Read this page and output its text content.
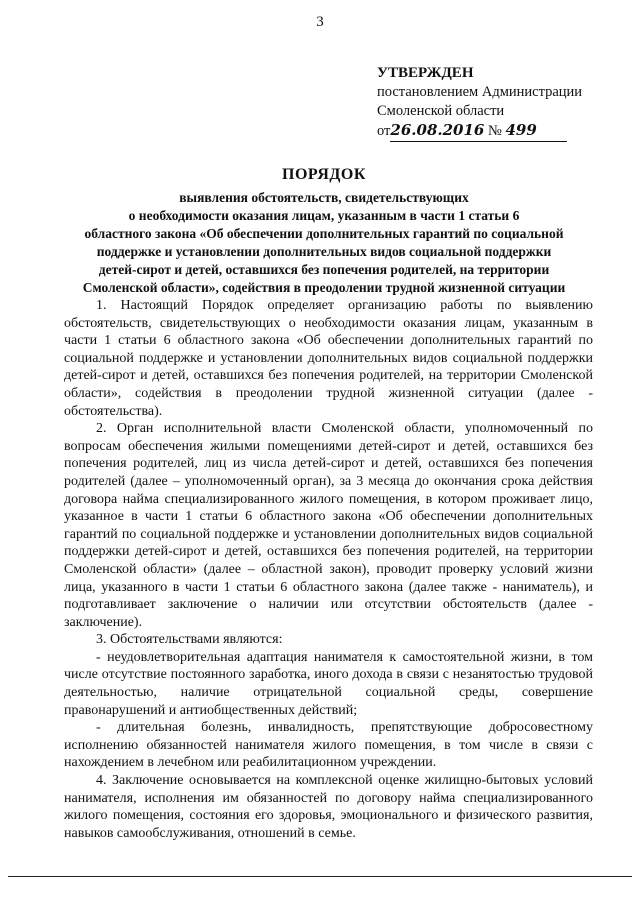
3
УТВЕРЖДЕН
постановлением Администрации
Смоленской области
от26.08.2016 № 499
ПОРЯДОК
выявления обстоятельств, свидетельствующих
о необходимости оказания лицам, указанным в части 1 статьи 6
областного закона «Об обеспечении дополнительных гарантий по социальной
поддержке и установлении дополнительных видов социальной поддержки
детей-сирот и детей, оставшихся без попечения родителей, на территории
Смоленской области», содействия в преодолении трудной жизненной ситуации

1. Настоящий Порядок определяет организацию работы по выявлению обстоятельств, свидетельствующих о необходимости оказания лицам, указанным в части 1 статьи 6 областного закона «Об обеспечении дополнительных гарантий по социальной поддержке и установлении дополнительных видов социальной поддержки детей-сирот и детей, оставшихся без попечения родителей, на территории Смоленской области», содействия в преодолении трудной жизненной ситуации (далее - обстоятельства).

2. Орган исполнительной власти Смоленской области, уполномоченный по вопросам обеспечения жилыми помещениями детей-сирот и детей, оставшихся без попечения родителей, лиц из числа детей-сирот и детей, оставшихся без попечения родителей (далее – уполномоченный орган), за 3 месяца до окончания срока действия договора найма специализированного жилого помещения, в котором проживает лицо, указанное в части 1 статьи 6 областного закона «Об обеспечении дополнительных гарантий по социальной поддержке и установлении дополнительных видов социальной поддержки детей-сирот и детей, оставшихся без попечения родителей, на территории Смоленской области» (далее – областной закон), проводит проверку условий жизни лица, указанного в части 1 статьи 6 областного закона (далее также - наниматель), и подготавливает заключение о наличии или отсутствии обстоятельств (далее - заключение).

3. Обстоятельствами являются:

- неудовлетворительная адаптация нанимателя к самостоятельной жизни, в том числе отсутствие постоянного заработка, иного дохода в связи с незанятостью трудовой деятельностью, наличие отрицательной социальной среды, совершение правонарушений и антиобщественных действий;

- длительная болезнь, инвалидность, препятствующие добросовестному исполнению обязанностей нанимателя жилого помещения, в том числе в связи с нахождением в лечебном или реабилитационном учреждении.

4. Заключение основывается на комплексной оценке жилищно-бытовых условий нанимателя, исполнения им обязанностей по договору найма специализированного жилого помещения, состояния его здоровья, эмоционального и физического развития, навыков самообслуживания, отношений в семье.
